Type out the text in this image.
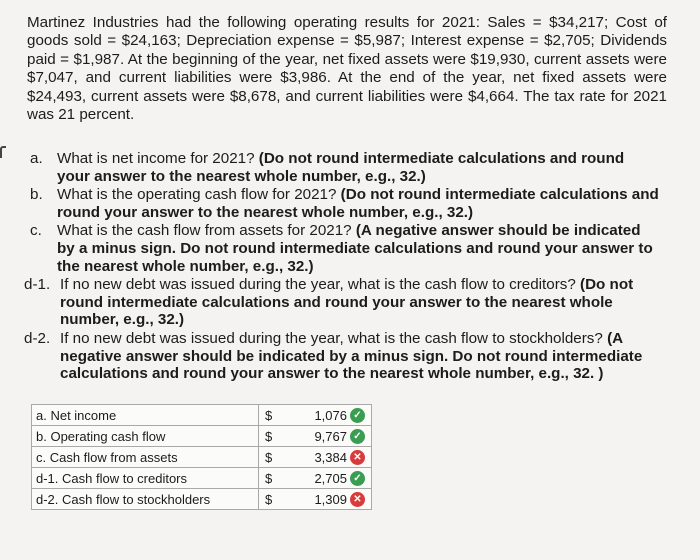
Martinez Industries had the following operating results for 2021: Sales = $34,217; Cost of goods sold = $24,163; Depreciation expense = $5,987; Interest expense = $2,705; Dividends paid = $1,987. At the beginning of the year, net fixed assets were $19,930, current assets were $7,047, and current liabilities were $3,986. At the end of the year, net fixed assets were $24,493, current assets were $8,678, and current liabilities were $4,664. The tax rate for 2021 was 21 percent.

a. What is net income for 2021? (Do not round intermediate calculations and round your answer to the nearest whole number, e.g., 32.)
b. What is the operating cash flow for 2021? (Do not round intermediate calculations and round your answer to the nearest whole number, e.g., 32.)
c. What is the cash flow from assets for 2021? (A negative answer should be indicated by a minus sign. Do not round intermediate calculations and round your answer to the nearest whole number, e.g., 32.)
d-1. If no new debt was issued during the year, what is the cash flow to creditors? (Do not round intermediate calculations and round your answer to the nearest whole number, e.g., 32.)
d-2. If no new debt was issued during the year, what is the cash flow to stockholders? (A negative answer should be indicated by a minus sign. Do not round intermediate calculations and round your answer to the nearest whole number, e.g., 32. )
a. Net income	$	1,076 ✓

b. Operating cash flow	$	9,767 ✓

c. Cash flow from assets	$	3,384 ✕

d-1. Cash flow to creditors	$	2,705 ✓

d-2. Cash flow to stockholders	$	1,309 ✕
